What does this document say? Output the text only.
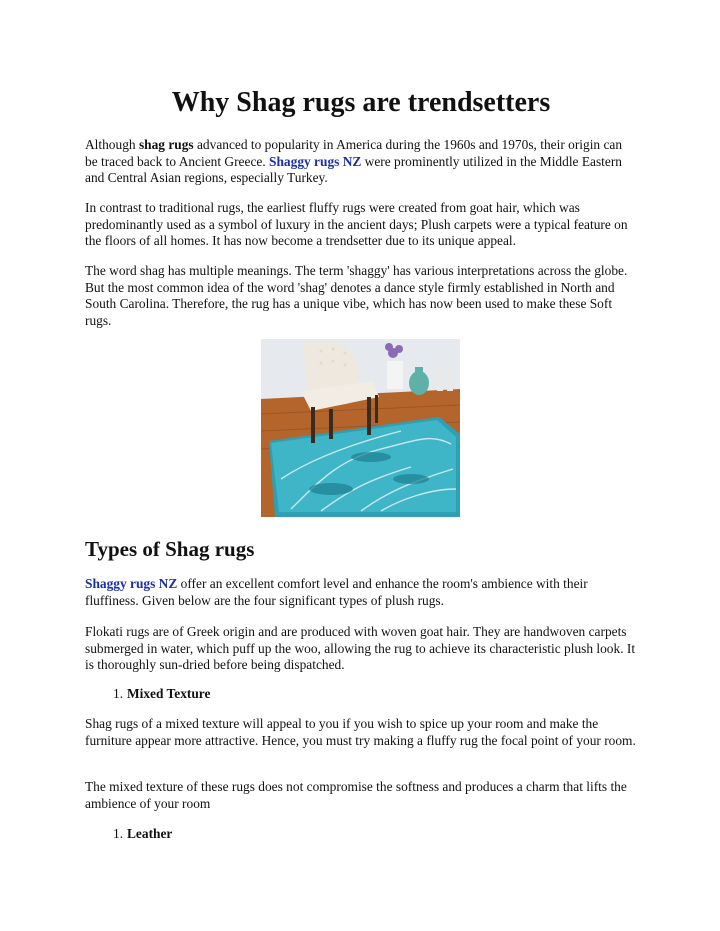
Why Shag rugs are trendsetters

Although shag rugs advanced to popularity in America during the 1960s and 1970s, their origin can be traced back to Ancient Greece. Shaggy rugs NZ were prominently utilized in the Middle Eastern and Central Asian regions, especially Turkey.

In contrast to traditional rugs, the earliest fluffy rugs were created from goat hair, which was predominantly used as a symbol of luxury in the ancient days; Plush carpets were a typical feature on the floors of all homes. It has now become a trendsetter due to its unique appeal.

The word shag has multiple meanings. The term 'shaggy' has various interpretations across the globe. But the most common idea of the word 'shag' denotes a dance style firmly established in North and South Carolina. Therefore, the rug has a unique vibe, which has now been used to make these Soft rugs.

Types of Shag rugs

Shaggy rugs NZ offer an excellent comfort level and enhance the room's ambience with their fluffiness. Given below are the four significant types of plush rugs.

Flokati rugs are of Greek origin and are produced with woven goat hair. They are handwoven carpets submerged in water, which puff up the woo, allowing the rug to achieve its characteristic plush look. It is thoroughly sun-dried before being dispatched.

1. Mixed Texture

Shag rugs of a mixed texture will appeal to you if you wish to spice up your room and make the furniture appear more attractive. Hence, you must try making a fluffy rug the focal point of your room.

The mixed texture of these rugs does not compromise the softness and produces a charm that lifts the ambience of your room

1. Leather
